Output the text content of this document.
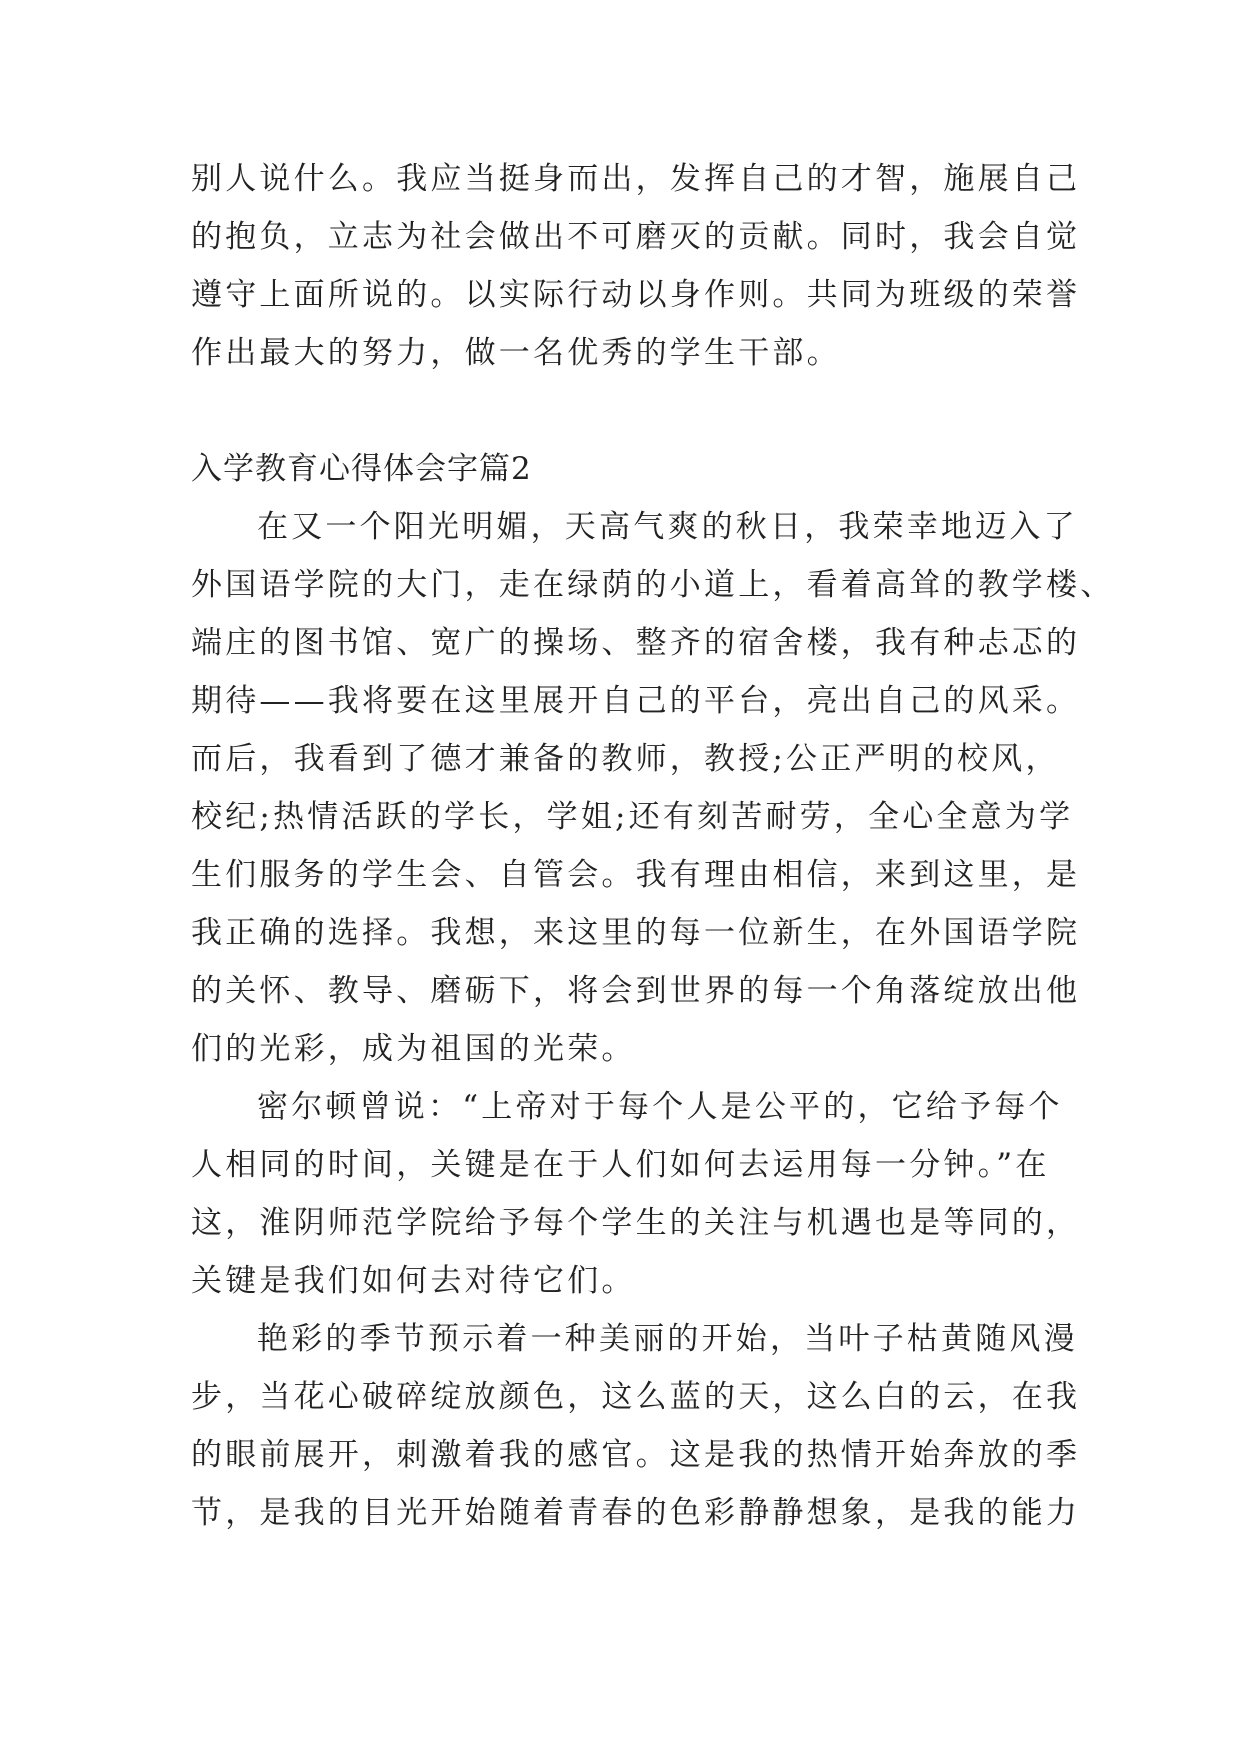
别人说什么。我应当挺身而出，发挥自己的才智，施展自己
的抱负，立志为社会做出不可磨灭的贡献。同时，我会自觉
遵守上面所说的。以实际行动以身作则。共同为班级的荣誉
作出最大的努力，做一名优秀的学生干部。
入学教育心得体会字篇2
在又一个阳光明媚，天高气爽的秋日，我荣幸地迈入了
外国语学院的大门，走在绿荫的小道上，看着高耸的教学楼、
端庄的图书馆、宽广的操场、整齐的宿舍楼，我有种忐忑的
期待——我将要在这里展开自己的平台，亮出自己的风采。
而后，我看到了德才兼备的教师，教授;公正严明的校风，
校纪;热情活跃的学长，学姐;还有刻苦耐劳，全心全意为学
生们服务的学生会、自管会。我有理由相信，来到这里，是
我正确的选择。我想，来这里的每一位新生，在外国语学院
的关怀、教导、磨砺下，将会到世界的每一个角落绽放出他
们的光彩，成为祖国的光荣。
密尔顿曾说：“上帝对于每个人是公平的，它给予每个
人相同的时间，关键是在于人们如何去运用每一分钟。”在
这，淮阴师范学院给予每个学生的关注与机遇也是等同的，
关键是我们如何去对待它们。
艳彩的季节预示着一种美丽的开始，当叶子枯黄随风漫
步，当花心破碎绽放颜色，这么蓝的天，这么白的云，在我
的眼前展开，刺激着我的感官。这是我的热情开始奔放的季
节，是我的目光开始随着青春的色彩静静想象，是我的能力
